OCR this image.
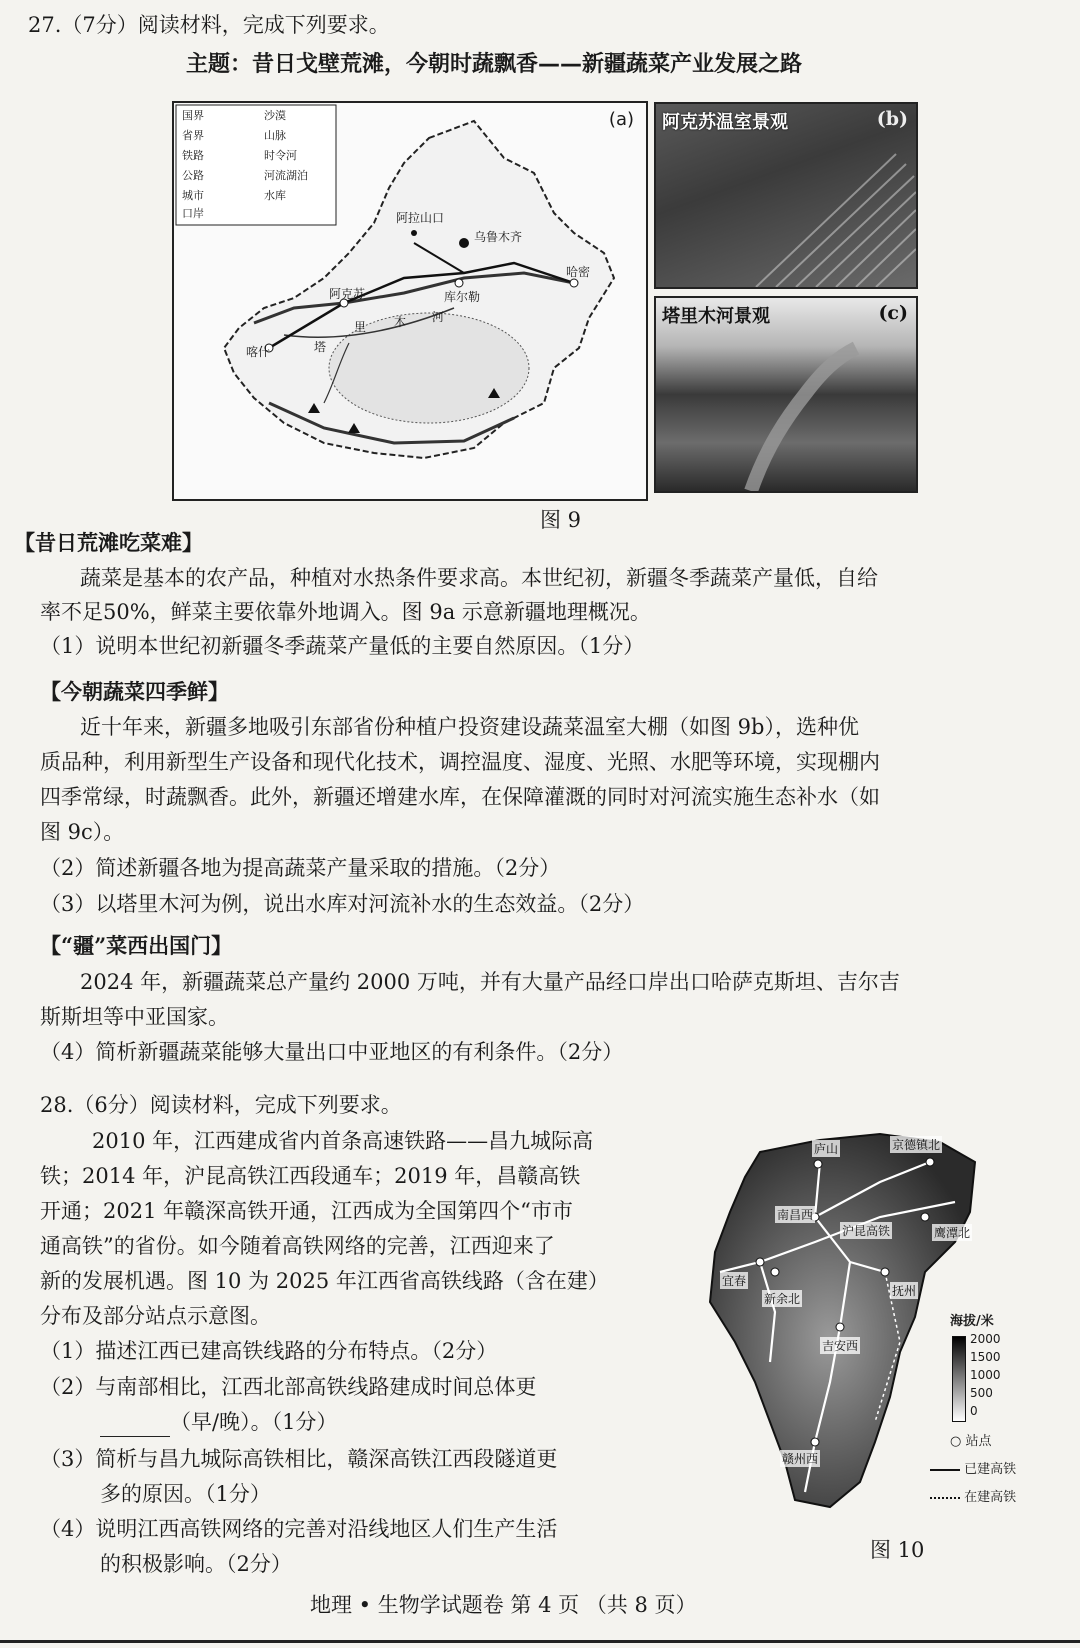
27.（7分）阅读材料，完成下列要求。
主题：昔日戈壁荒滩，今朝时蔬飘香——新疆蔬菜产业发展之路
国界	沙漠
省界	山脉
铁路	时令河
公路	河流湖泊
城市	水库
口岸
(a)
阿拉山口
乌鲁木齐
哈密
阿克苏	库尔勒
喀什	塔
里 木 河
阿克苏温室景观	(b)
塔里木河景观	(c)
图 9
【昔日荒滩吃菜难】
蔬菜是基本的农产品，种植对水热条件要求高。本世纪初，新疆冬季蔬菜产量低，自给
率不足50%，鲜菜主要依靠外地调入。图 9a 示意新疆地理概况。
（1）说明本世纪初新疆冬季蔬菜产量低的主要自然原因。（1分）
【今朝蔬菜四季鲜】
近十年来，新疆多地吸引东部省份种植户投资建设蔬菜温室大棚（如图 9b），选种优
质品种，利用新型生产设备和现代化技术，调控温度、湿度、光照、水肥等环境，实现棚内
四季常绿，时蔬飘香。此外，新疆还增建水库，在保障灌溉的同时对河流实施生态补水（如
图 9c）。
（2）简述新疆各地为提高蔬菜产量采取的措施。（2分）
（3）以塔里木河为例，说出水库对河流补水的生态效益。（2分）
【“疆”菜西出国门】
2024 年，新疆蔬菜总产量约 2000 万吨，并有大量产品经口岸出口哈萨克斯坦、吉尔吉
斯斯坦等中亚国家。
（4）简析新疆蔬菜能够大量出口中亚地区的有利条件。（2分）
28.（6分）阅读材料，完成下列要求。
2010 年，江西建成省内首条高速铁路——昌九城际高
铁；2014 年，沪昆高铁江西段通车；2019 年，昌赣高铁
开通；2021 年赣深高铁开通，江西成为全国第四个“市市
通高铁”的省份。如今随着高铁网络的完善，江西迎来了
新的发展机遇。图 10 为 2025 年江西省高铁线路（含在建）
分布及部分站点示意图。
（1）描述江西已建高铁线路的分布特点。（2分）
（2）与南部相比，江西北部高铁线路建成时间总体更
（早/晚）。（1分）
（3）简析与昌九城际高铁相比，赣深高铁江西段隧道更
多的原因。（1分）
（4）说明江西高铁网络的完善对沿线地区人们生产生活
的积极影响。（2分）
庐山	京德镇北
南昌西
沪昆高铁	鹰潭北
宜春
新余北
抚州
吉安西
赣州西
海拔/米
2000
1500
1000
500
0
○ 站点
已建高铁
在建高铁
图 10
地理 • 生物学试题卷 第 4 页 （共 8 页）
